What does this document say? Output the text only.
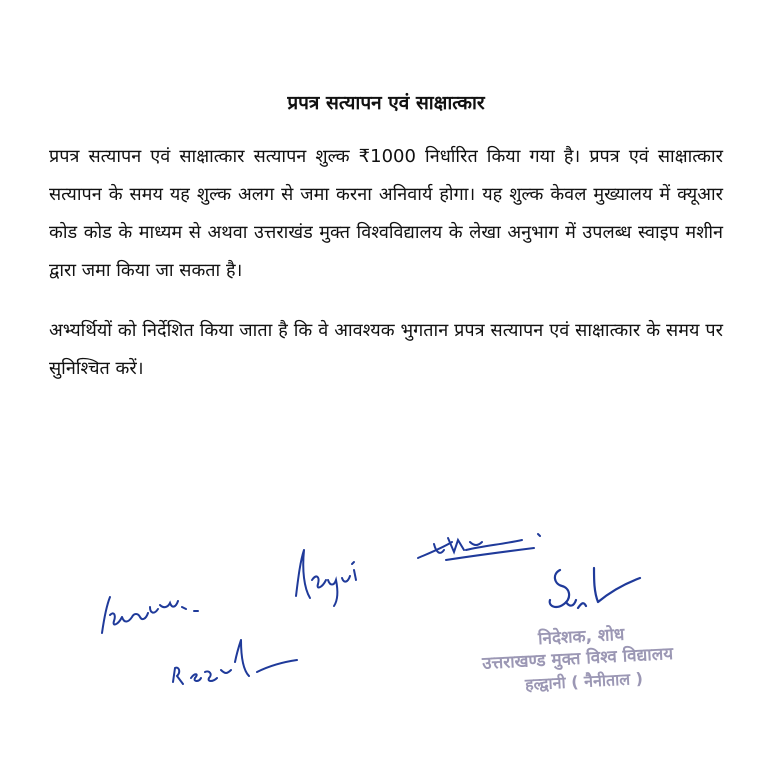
प्रपत्र सत्यापन एवं साक्षात्कार

प्रपत्र सत्यापन एवं साक्षात्कार सत्यापन शुल्क ₹1000 निर्धारित किया गया है। प्रपत्र एवं साक्षात्कार सत्यापन के समय यह शुल्क अलग से जमा करना अनिवार्य होगा। यह शुल्क केवल मुख्यालय में क्यूआर कोड कोड के माध्यम से अथवा उत्तराखंड मुक्त विश्वविद्यालय के लेखा अनुभाग में उपलब्ध स्वाइप मशीन द्वारा जमा किया जा सकता है।

अभ्यर्थियों को निर्देशित किया जाता है कि वे आवश्यक भुगतान प्रपत्र सत्यापन एवं साक्षात्कार के समय पर सुनिश्चित करें।

निदेशक, शोध
उत्तराखण्ड मुक्त विश्व विद्यालय
हल्द्वानी ( नैनीताल )
